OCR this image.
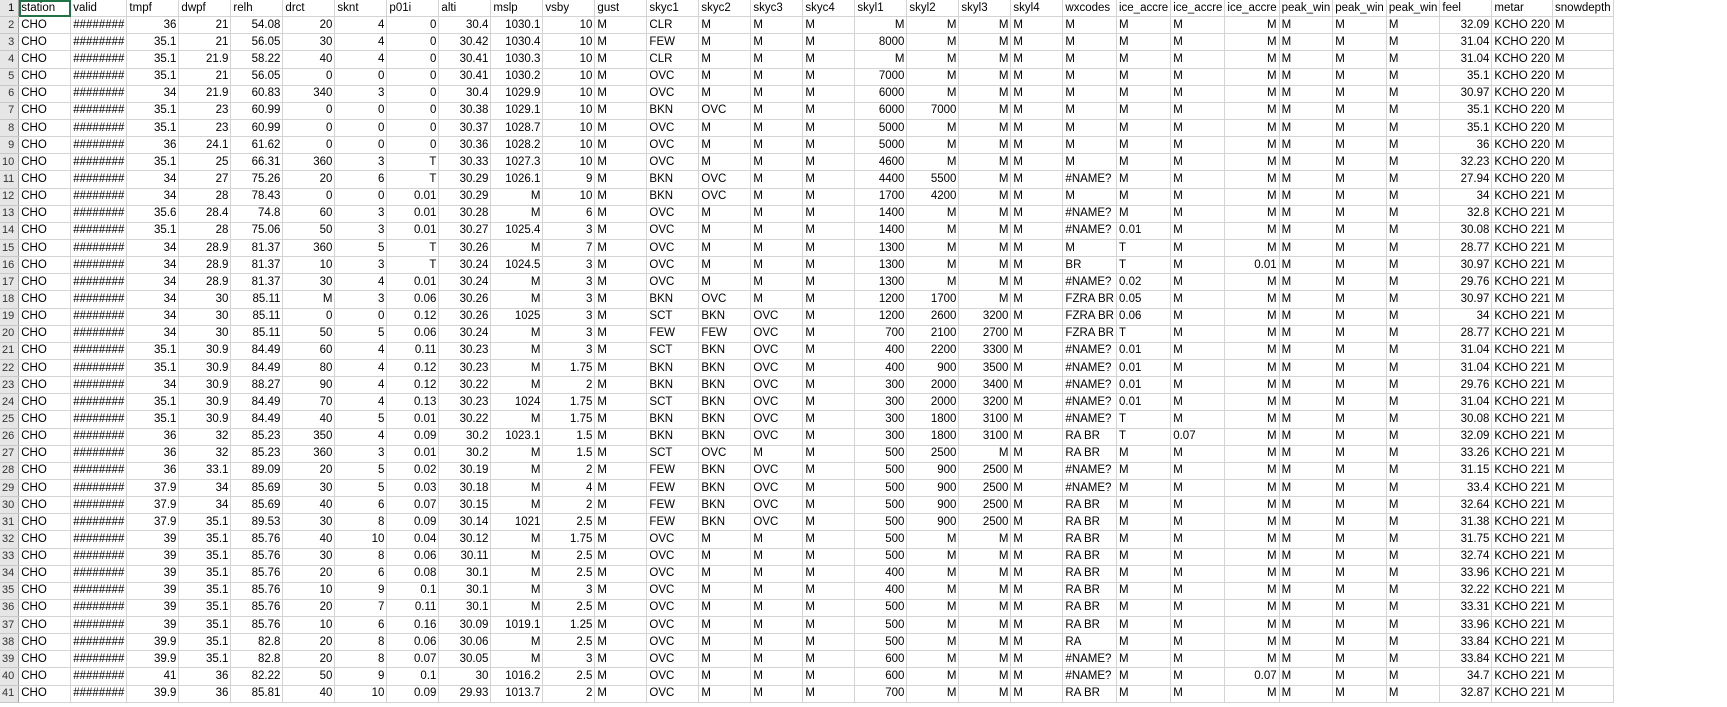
1	station	valid	tmpf	dwpf	relh	drct	sknt	p01i	alti	mslp	vsby	gust	skyc1	skyc2	skyc3	skyc4	skyl1	skyl2	skyl3	skyl4	wxcodes	ice_accre	ice_accre	ice_accre	peak_win	peak_win	peak_win	feel	metar	snowdepth
2	CHO	########	36	21	54.08	20	4	0	30.4	1030.1	10	M	CLR	M	M	M	M	M	M	M	M	M	M	M	M	M	M	32.09	KCHO 220	M
3	CHO	########	35.1	21	56.05	30	4	0	30.42	1030.4	10	M	FEW	M	M	M	8000	M	M	M	M	M	M	M	M	M	M	31.04	KCHO 220	M
4	CHO	########	35.1	21.9	58.22	40	4	0	30.41	1030.3	10	M	CLR	M	M	M	M	M	M	M	M	M	M	M	M	M	M	31.04	KCHO 220	M
5	CHO	########	35.1	21	56.05	0	0	0	30.41	1030.2	10	M	OVC	M	M	M	7000	M	M	M	M	M	M	M	M	M	M	35.1	KCHO 220	M
6	CHO	########	34	21.9	60.83	340	3	0	30.4	1029.9	10	M	OVC	M	M	M	6000	M	M	M	M	M	M	M	M	M	M	30.97	KCHO 220	M
7	CHO	########	35.1	23	60.99	0	0	0	30.38	1029.1	10	M	BKN	OVC	M	M	6000	7000	M	M	M	M	M	M	M	M	M	35.1	KCHO 220	M
8	CHO	########	35.1	23	60.99	0	0	0	30.37	1028.7	10	M	OVC	M	M	M	5000	M	M	M	M	M	M	M	M	M	M	35.1	KCHO 220	M
9	CHO	########	36	24.1	61.62	0	0	0	30.36	1028.2	10	M	OVC	M	M	M	5000	M	M	M	M	M	M	M	M	M	M	36	KCHO 220	M
10	CHO	########	35.1	25	66.31	360	3	T	30.33	1027.3	10	M	OVC	M	M	M	4600	M	M	M	M	M	M	M	M	M	M	32.23	KCHO 220	M
11	CHO	########	34	27	75.26	20	6	T	30.29	1026.1	9	M	BKN	OVC	M	M	4400	5500	M	M	#NAME?	M	M	M	M	M	M	27.94	KCHO 220	M
12	CHO	########	34	28	78.43	0	0	0.01	30.29	M	10	M	BKN	OVC	M	M	1700	4200	M	M	M	M	M	M	M	M	M	34	KCHO 221	M
13	CHO	########	35.6	28.4	74.8	60	3	0.01	30.28	M	6	M	OVC	M	M	M	1400	M	M	M	#NAME?	M	M	M	M	M	M	32.8	KCHO 221	M
14	CHO	########	35.1	28	75.06	50	3	0.01	30.27	1025.4	3	M	OVC	M	M	M	1400	M	M	M	#NAME?	0.01	M	M	M	M	M	30.08	KCHO 221	M
15	CHO	########	34	28.9	81.37	360	5	T	30.26	M	7	M	OVC	M	M	M	1300	M	M	M	M	T	M	M	M	M	M	28.77	KCHO 221	M
16	CHO	########	34	28.9	81.37	10	3	T	30.24	1024.5	3	M	OVC	M	M	M	1300	M	M	M	BR	T	M	0.01	M	M	M	30.97	KCHO 221	M
17	CHO	########	34	28.9	81.37	30	4	0.01	30.24	M	3	M	OVC	M	M	M	1300	M	M	M	#NAME?	0.02	M	M	M	M	M	29.76	KCHO 221	M
18	CHO	########	34	30	85.11	M	3	0.06	30.26	M	3	M	BKN	OVC	M	M	1200	1700	M	M	FZRA BR	0.05	M	M	M	M	M	30.97	KCHO 221	M
19	CHO	########	34	30	85.11	0	0	0.12	30.26	1025	3	M	SCT	BKN	OVC	M	1200	2600	3200	M	FZRA BR	0.06	M	M	M	M	M	34	KCHO 221	M
20	CHO	########	34	30	85.11	50	5	0.06	30.24	M	3	M	FEW	FEW	OVC	M	700	2100	2700	M	FZRA BR	T	M	M	M	M	M	28.77	KCHO 221	M
21	CHO	########	35.1	30.9	84.49	60	4	0.11	30.23	M	3	M	SCT	BKN	OVC	M	400	2200	3300	M	#NAME?	0.01	M	M	M	M	M	31.04	KCHO 221	M
22	CHO	########	35.1	30.9	84.49	80	4	0.12	30.23	M	1.75	M	BKN	BKN	OVC	M	400	900	3500	M	#NAME?	0.01	M	M	M	M	M	31.04	KCHO 221	M
23	CHO	########	34	30.9	88.27	90	4	0.12	30.22	M	2	M	BKN	BKN	OVC	M	300	2000	3400	M	#NAME?	0.01	M	M	M	M	M	29.76	KCHO 221	M
24	CHO	########	35.1	30.9	84.49	70	4	0.13	30.23	1024	1.75	M	SCT	BKN	OVC	M	300	2000	3200	M	#NAME?	0.01	M	M	M	M	M	31.04	KCHO 221	M
25	CHO	########	35.1	30.9	84.49	40	5	0.01	30.22	M	1.75	M	BKN	BKN	OVC	M	300	1800	3100	M	#NAME?	T	M	M	M	M	M	30.08	KCHO 221	M
26	CHO	########	36	32	85.23	350	4	0.09	30.2	1023.1	1.5	M	BKN	BKN	OVC	M	300	1800	3100	M	RA BR	T	0.07	M	M	M	M	32.09	KCHO 221	M
27	CHO	########	36	32	85.23	360	3	0.01	30.2	M	1.5	M	SCT	OVC	M	M	500	2500	M	M	RA BR	M	M	M	M	M	M	33.26	KCHO 221	M
28	CHO	########	36	33.1	89.09	20	5	0.02	30.19	M	2	M	FEW	BKN	OVC	M	500	900	2500	M	#NAME?	M	M	M	M	M	M	31.15	KCHO 221	M
29	CHO	########	37.9	34	85.69	30	5	0.03	30.18	M	4	M	FEW	BKN	OVC	M	500	900	2500	M	#NAME?	M	M	M	M	M	M	33.4	KCHO 221	M
30	CHO	########	37.9	34	85.69	40	6	0.07	30.15	M	2	M	FEW	BKN	OVC	M	500	900	2500	M	RA BR	M	M	M	M	M	M	32.64	KCHO 221	M
31	CHO	########	37.9	35.1	89.53	30	8	0.09	30.14	1021	2.5	M	FEW	BKN	OVC	M	500	900	2500	M	RA BR	M	M	M	M	M	M	31.38	KCHO 221	M
32	CHO	########	39	35.1	85.76	40	10	0.04	30.12	M	1.75	M	OVC	M	M	M	500	M	M	M	RA BR	M	M	M	M	M	M	31.75	KCHO 221	M
33	CHO	########	39	35.1	85.76	30	8	0.06	30.11	M	2.5	M	OVC	M	M	M	500	M	M	M	RA BR	M	M	M	M	M	M	32.74	KCHO 221	M
34	CHO	########	39	35.1	85.76	20	6	0.08	30.1	M	2.5	M	OVC	M	M	M	400	M	M	M	RA BR	M	M	M	M	M	M	33.96	KCHO 221	M
35	CHO	########	39	35.1	85.76	10	9	0.1	30.1	M	3	M	OVC	M	M	M	400	M	M	M	RA BR	M	M	M	M	M	M	32.22	KCHO 221	M
36	CHO	########	39	35.1	85.76	20	7	0.11	30.1	M	2.5	M	OVC	M	M	M	500	M	M	M	RA BR	M	M	M	M	M	M	33.31	KCHO 221	M
37	CHO	########	39	35.1	85.76	10	6	0.16	30.09	1019.1	1.25	M	OVC	M	M	M	500	M	M	M	RA BR	M	M	M	M	M	M	33.96	KCHO 221	M
38	CHO	########	39.9	35.1	82.8	20	8	0.06	30.06	M	2.5	M	OVC	M	M	M	500	M	M	M	RA	M	M	M	M	M	M	33.84	KCHO 221	M
39	CHO	########	39.9	35.1	82.8	20	8	0.07	30.05	M	3	M	OVC	M	M	M	600	M	M	M	#NAME?	M	M	M	M	M	M	33.84	KCHO 221	M
40	CHO	########	41	36	82.22	50	9	0.1	30	1016.2	2.5	M	OVC	M	M	M	600	M	M	M	#NAME?	M	M	0.07	M	M	M	34.7	KCHO 221	M
41	CHO	########	39.9	36	85.81	40	10	0.09	29.93	1013.7	2	M	OVC	M	M	M	700	M	M	M	RA BR	M	M	M	M	M	M	32.87	KCHO 221	M
